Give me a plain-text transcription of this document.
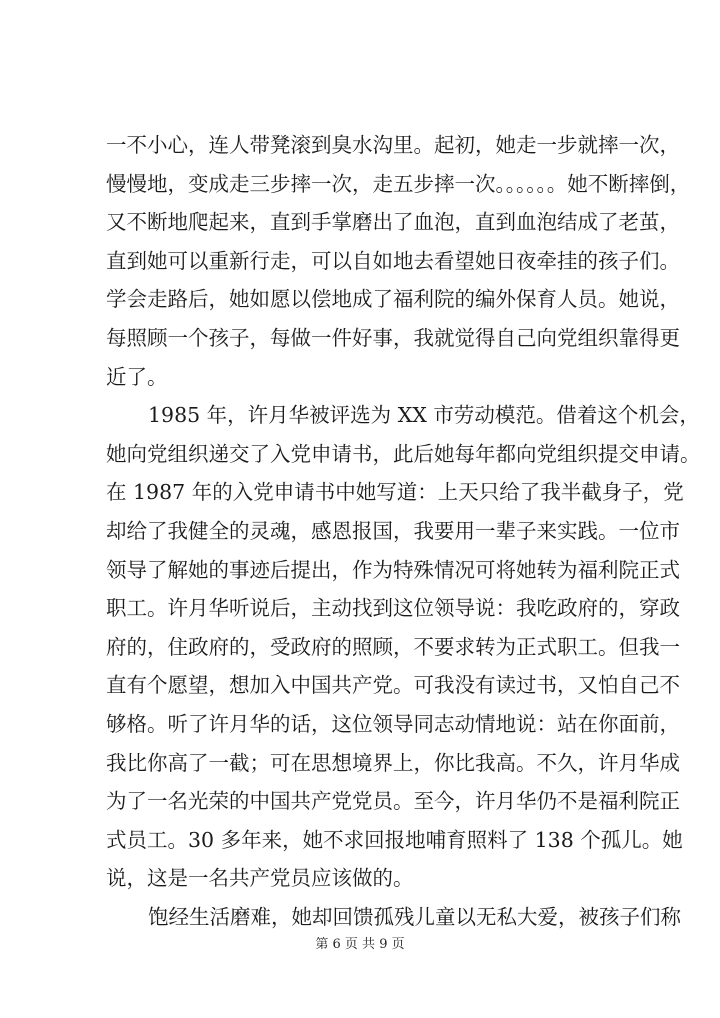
一不小心，连人带凳滚到臭水沟里。起初，她走一步就摔一次，
慢慢地，变成走三步摔一次，走五步摔一次。。。。。。她不断摔倒，
又不断地爬起来，直到手掌磨出了血泡，直到血泡结成了老茧，
直到她可以重新行走，可以自如地去看望她日夜牵挂的孩子们。
学会走路后，她如愿以偿地成了福利院的编外保育人员。她说，
每照顾一个孩子，每做一件好事，我就觉得自己向党组织靠得更
近了。
1985 年，许月华被评选为 XX 市劳动模范。借着这个机会，
她向党组织递交了入党申请书，此后她每年都向党组织提交申请。
在 1987 年的入党申请书中她写道：上天只给了我半截身子，党
却给了我健全的灵魂，感恩报国，我要用一辈子来实践。一位市
领导了解她的事迹后提出，作为特殊情况可将她转为福利院正式
职工。许月华听说后，主动找到这位领导说：我吃政府的，穿政
府的，住政府的，受政府的照顾，不要求转为正式职工。但我一
直有个愿望，想加入中国共产党。可我没有读过书，又怕自己不
够格。听了许月华的话，这位领导同志动情地说：站在你面前，
我比你高了一截；可在思想境界上，你比我高。不久，许月华成
为了一名光荣的中国共产党党员。至今，许月华仍不是福利院正
式员工。30 多年来，她不求回报地哺育照料了 138 个孤儿。她
说，这是一名共产党员应该做的。
饱经生活磨难，她却回馈孤残儿童以无私大爱，被孩子们称
第 6 页 共 9 页
